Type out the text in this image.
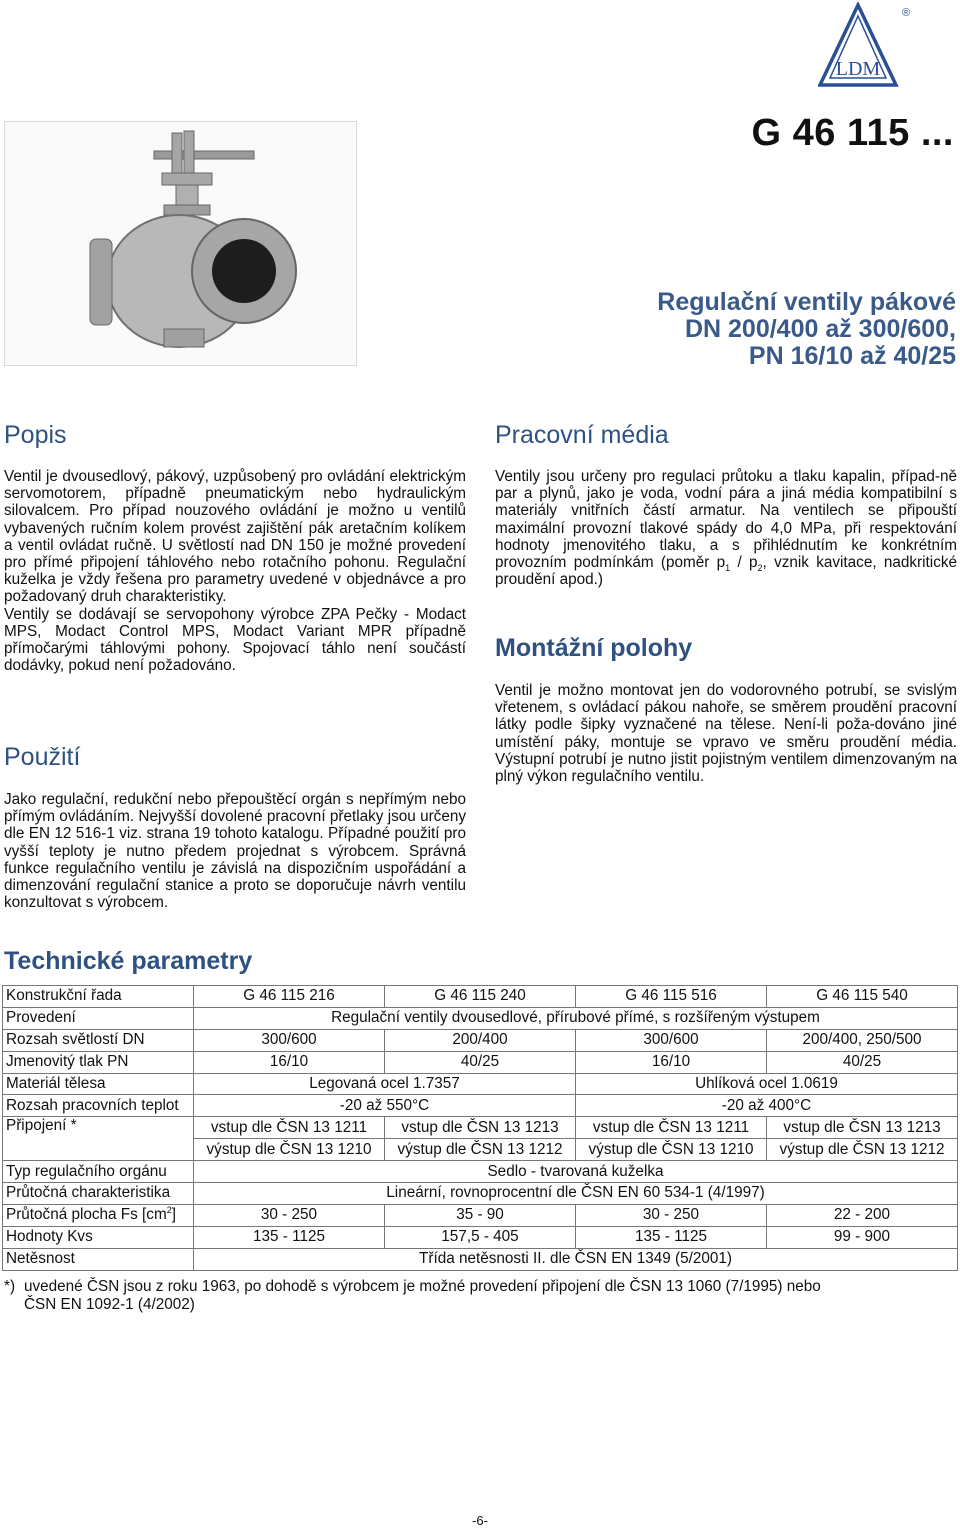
LDM
®
G 46 115 ...
Regulační ventily pákové
DN 200/400 až 300/600,
PN 16/10 až 40/25
Popis
Ventil je dvousedlový, pákový, uzpůsobený pro ovládání elektrickým servomotorem, případně pneumatickým nebo hydraulickým silovalcem. Pro případ nouzového ovládání je možno u ventilů vybavených ručním kolem provést zajištění pák aretačním kolíkem a ventil ovládat ručně. U světlostí nad DN 150 je možné provedení pro přímé připojení táhlového nebo rotačního pohonu. Regulační kuželka je vždy řešena pro parametry uvedené v objednávce a pro požadovaný druh charakteristiky.
Ventily se dodávají se servopohony výrobce ZPA Pečky - Modact MPS, Modact Control MPS, Modact Variant MPR případně přímočarými táhlovými pohony. Spojovací táhlo není součástí dodávky, pokud není požadováno.
Použití
Jako regulační, redukční nebo přepouštěcí orgán s nepřímým nebo přímým ovládáním. Nejvyšší dovolené pracovní přetlaky jsou určeny dle EN 12 516-1 viz. strana 19 tohoto katalogu. Případné použití pro vyšší teploty je nutno předem projednat s výrobcem. Správná funkce regulačního ventilu je závislá na dispozičním uspořádání a dimenzování regulační stanice a proto se doporučuje návrh ventilu konzultovat s výrobcem.
Pracovní média
Ventily jsou určeny pro regulaci průtoku a tlaku kapalin, případ-ně par a plynů, jako je voda, vodní pára a jiná média kompatibilní s materiály vnitřních částí armatur. Na ventilech se připouští maximální provozní tlakové spády do 4,0 MPa, při respektování hodnoty jmenovitého tlaku, a s přihlédnutím ke konkrétním provozním podmínkám (poměr $p_1 / p_2$, vznik kavitace, nadkritické proudění apod.)
Montážní polohy
Ventil je možno montovat jen do vodorovného potrubí, se svislým vřetenem, s ovládací pákou nahoře, se směrem proudění pracovní látky podle šipky vyznačené na tělese. Není-li poža-dováno jiné umístění páky, montuje se vpravo ve směru proudění média. Výstupní potrubí je nutno jistit pojistným ventilem dimenzovaným na plný výkon regulačního ventilu.
Technické parametry
Konstrukční řada	G 46 115 216	G 46 115 240	G 46 115 516	G 46 115 540
Provedení	Regulační ventily dvousedlové, přírubové přímé, s rozšířeným výstupem			
Rozsah světlostí DN	300/600	200/400	300/600	200/400, 250/500
Jmenovitý tlak PN	16/10	40/25	16/10	40/25
Materiál tělesa	Legovaná ocel 1.7357		Uhlíková ocel 1.0619	
Rozsah pracovních teplot	-20 až 550°C		-20 až 400°C	
Připojení *	vstup dle ČSN 13 1211	vstup dle ČSN 13 1213	vstup dle ČSN 13 1211	vstup dle ČSN 13 1213
	výstup dle ČSN 13 1210	výstup dle ČSN 13 1212	výstup dle ČSN 13 1210	výstup dle ČSN 13 1212
Typ regulačního orgánu	Sedlo - tvarovaná kuželka			
Průtočná charakteristika	Lineární, rovnoprocentní dle ČSN EN 60 534-1 (4/1997)			
Průtočná plocha Fs $[cm^2]$	30 - 250	35 - 90	30 - 250	22 - 200
Hodnoty Kvs	135 - 1125	157,5 - 405	135 - 1125	99 - 900
Netěsnost	Třída netěsnosti II. dle ČSN EN 1349 (5/2001)			
*) uvedené ČSN jsou z roku 1963, po dohodě s výrobcem je možné provedení připojení dle ČSN 13 1060 (7/1995) nebo
ČSN EN 1092-1 (4/2002)
-6-
